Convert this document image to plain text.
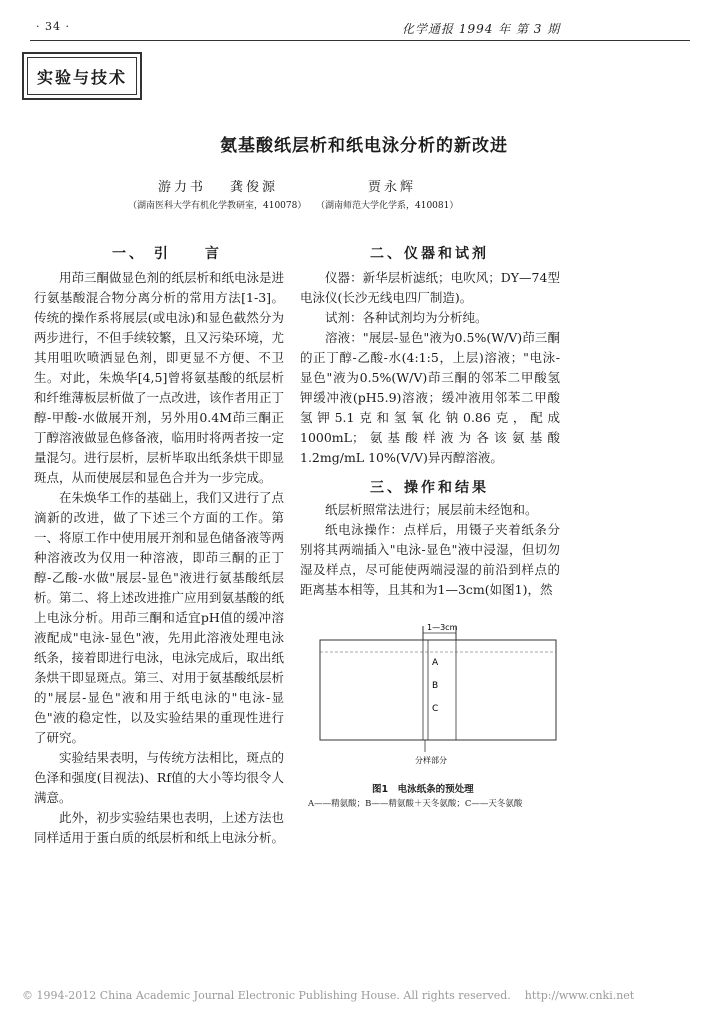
· 34 ·	化学通报 1994 年 第 3 期
实验与技术
氨基酸纸层析和纸电泳分析的新改进
游力书 龚俊源	贾永辉
（湖南医科大学有机化学教研室，410078） （湖南师范大学化学系，410081）
一、 引　　言

用茚三酮做显色剂的纸层析和纸电泳是进行氨基酸混合物分离分析的常用方法[1-3]。传统的操作系将展层(或电泳)和显色截然分为两步进行，不但手续较繁，且又污染环境，尤其用咀吹喷洒显色剂，即更显不方便、不卫生。对此，朱焕华[4,5]曾将氨基酸的纸层析和纤维薄板层析做了一点改进，该作者用正丁醇-甲酸-水做展开剂，另外用0.4M茚三酮正丁醇溶液做显色修备液，临用时将两者按一定量混匀。进行层析，层析毕取出纸条烘干即显斑点，从而使展层和显色合并为一步完成。

在朱焕华工作的基础上，我们又进行了点滴新的改进，做了下述三个方面的工作。第一、将原工作中使用展开剂和显色储备液等两种溶液改为仅用一种溶液，即茚三酮的正丁醇-乙酸-水做"展层-显色"液进行氨基酸纸层析。第二、将上述改进推广应用到氨基酸的纸上电泳分析。用茚三酮和适宜pH值的缓冲溶液配成"电泳-显色"液，先用此溶液处理电泳纸条，接着即进行电泳，电泳完成后，取出纸条烘干即显斑点。第三、对用于氨基酸纸层析的"展层-显色"液和用于纸电泳的"电泳-显色"液的稳定性，以及实验结果的重现性进行了研究。

实验结果表明，与传统方法相比，斑点的色泽和强度(目视法)、Rf值的大小等均很令人满意。

此外，初步实验结果也表明，上述方法也同样适用于蛋白质的纸层析和纸上电泳分析。

二、仪器和试剂

仪器：新华层析滤纸；电吹风；DY—74型电泳仪(长沙无线电四厂制造)。

试剂：各种试剂均为分析纯。

溶液："展层-显色"液为0.5%(W/V)茚三酮的正丁醇-乙酸-水(4:1:5，上层)溶液；"电泳-显色"液为0.5%(W/V)茚三酮的邻苯二甲酸氢钾缓冲液(pH5.9)溶液；缓冲液用邻苯二甲酸氢钾5.1克和氢氧化钠0.86克，配成1000mL；氨基酸样液为各该氨基酸1.2mg/mL 10%(V/V)异丙醇溶液。

三、操作和结果

纸层析照常法进行；展层前未经饱和。

纸电泳操作：点样后，用镊子夹着纸条分别将其两端插入"电泳-显色"液中浸湿，但切勿湿及样点，尽可能使两端浸湿的前沿到样点的距离基本相等，且其和为1—3cm(如图1)，然

1—3cm
A
B
C
分样部分
图1　电泳纸条的预处理
A——精氨酸；B——精氨酸＋天冬氨酸；C——天冬氨酸
© 1994-2012 China Academic Journal Electronic Publishing House. All rights reserved. http://www.cnki.net
